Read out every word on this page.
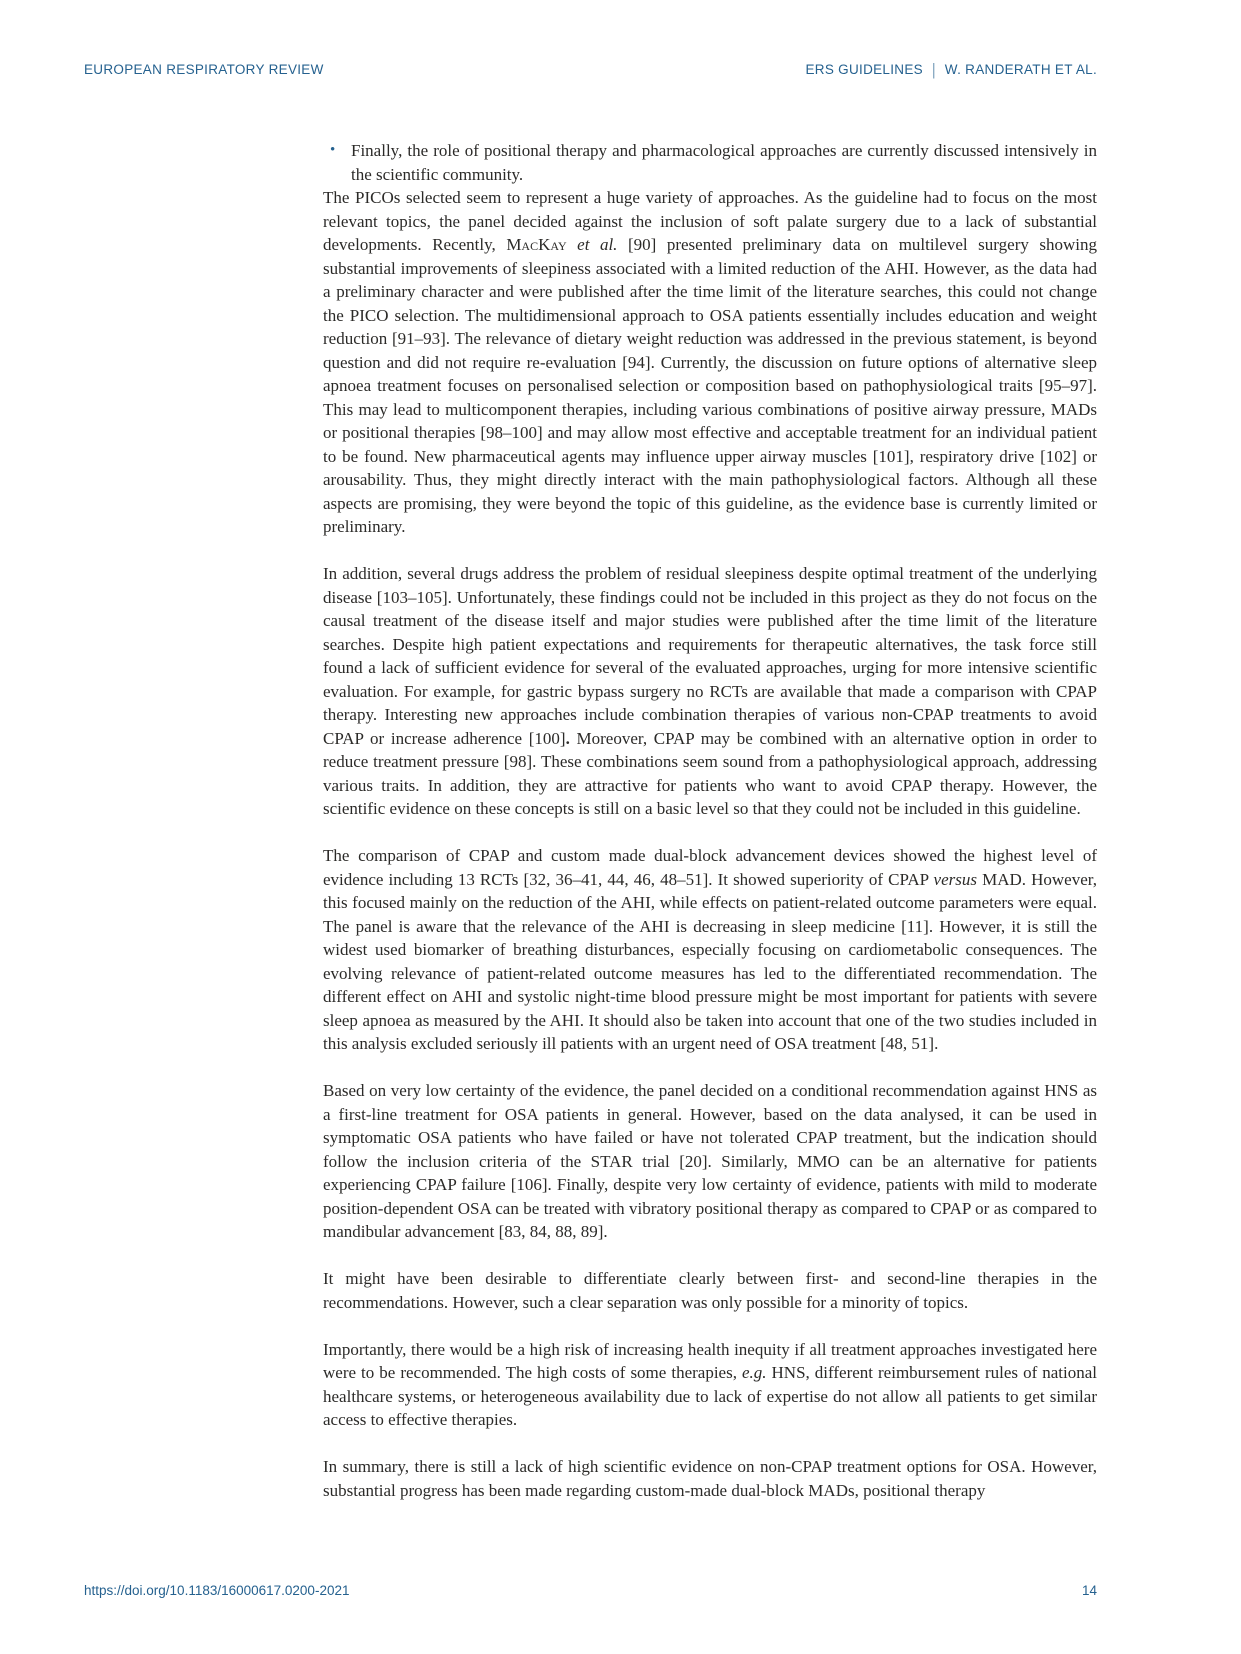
EUROPEAN RESPIRATORY REVIEW	ERS GUIDELINES | W. RANDERATH ET AL.
• Finally, the role of positional therapy and pharmacological approaches are currently discussed intensively in the scientific community.

The PICOs selected seem to represent a huge variety of approaches. As the guideline had to focus on the most relevant topics, the panel decided against the inclusion of soft palate surgery due to a lack of substantial developments. Recently, MacKay et al. [90] presented preliminary data on multilevel surgery showing substantial improvements of sleepiness associated with a limited reduction of the AHI. However, as the data had a preliminary character and were published after the time limit of the literature searches, this could not change the PICO selection. The multidimensional approach to OSA patients essentially includes education and weight reduction [91–93]. The relevance of dietary weight reduction was addressed in the previous statement, is beyond question and did not require re-evaluation [94]. Currently, the discussion on future options of alternative sleep apnoea treatment focuses on personalised selection or composition based on pathophysiological traits [95–97]. This may lead to multicomponent therapies, including various combinations of positive airway pressure, MADs or positional therapies [98–100] and may allow most effective and acceptable treatment for an individual patient to be found. New pharmaceutical agents may influence upper airway muscles [101], respiratory drive [102] or arousability. Thus, they might directly interact with the main pathophysiological factors. Although all these aspects are promising, they were beyond the topic of this guideline, as the evidence base is currently limited or preliminary.

In addition, several drugs address the problem of residual sleepiness despite optimal treatment of the underlying disease [103–105]. Unfortunately, these findings could not be included in this project as they do not focus on the causal treatment of the disease itself and major studies were published after the time limit of the literature searches. Despite high patient expectations and requirements for therapeutic alternatives, the task force still found a lack of sufficient evidence for several of the evaluated approaches, urging for more intensive scientific evaluation. For example, for gastric bypass surgery no RCTs are available that made a comparison with CPAP therapy. Interesting new approaches include combination therapies of various non-CPAP treatments to avoid CPAP or increase adherence [100]. Moreover, CPAP may be combined with an alternative option in order to reduce treatment pressure [98]. These combinations seem sound from a pathophysiological approach, addressing various traits. In addition, they are attractive for patients who want to avoid CPAP therapy. However, the scientific evidence on these concepts is still on a basic level so that they could not be included in this guideline.

The comparison of CPAP and custom made dual-block advancement devices showed the highest level of evidence including 13 RCTs [32, 36–41, 44, 46, 48–51]. It showed superiority of CPAP versus MAD. However, this focused mainly on the reduction of the AHI, while effects on patient-related outcome parameters were equal. The panel is aware that the relevance of the AHI is decreasing in sleep medicine [11]. However, it is still the widest used biomarker of breathing disturbances, especially focusing on cardiometabolic consequences. The evolving relevance of patient-related outcome measures has led to the differentiated recommendation. The different effect on AHI and systolic night-time blood pressure might be most important for patients with severe sleep apnoea as measured by the AHI. It should also be taken into account that one of the two studies included in this analysis excluded seriously ill patients with an urgent need of OSA treatment [48, 51].

Based on very low certainty of the evidence, the panel decided on a conditional recommendation against HNS as a first-line treatment for OSA patients in general. However, based on the data analysed, it can be used in symptomatic OSA patients who have failed or have not tolerated CPAP treatment, but the indication should follow the inclusion criteria of the STAR trial [20]. Similarly, MMO can be an alternative for patients experiencing CPAP failure [106]. Finally, despite very low certainty of evidence, patients with mild to moderate position-dependent OSA can be treated with vibratory positional therapy as compared to CPAP or as compared to mandibular advancement [83, 84, 88, 89].

It might have been desirable to differentiate clearly between first- and second-line therapies in the recommendations. However, such a clear separation was only possible for a minority of topics.

Importantly, there would be a high risk of increasing health inequity if all treatment approaches investigated here were to be recommended. The high costs of some therapies, e.g. HNS, different reimbursement rules of national healthcare systems, or heterogeneous availability due to lack of expertise do not allow all patients to get similar access to effective therapies.

In summary, there is still a lack of high scientific evidence on non-CPAP treatment options for OSA. However, substantial progress has been made regarding custom-made dual-block MADs, positional therapy

https://doi.org/10.1183/16000617.0200-2021	14
